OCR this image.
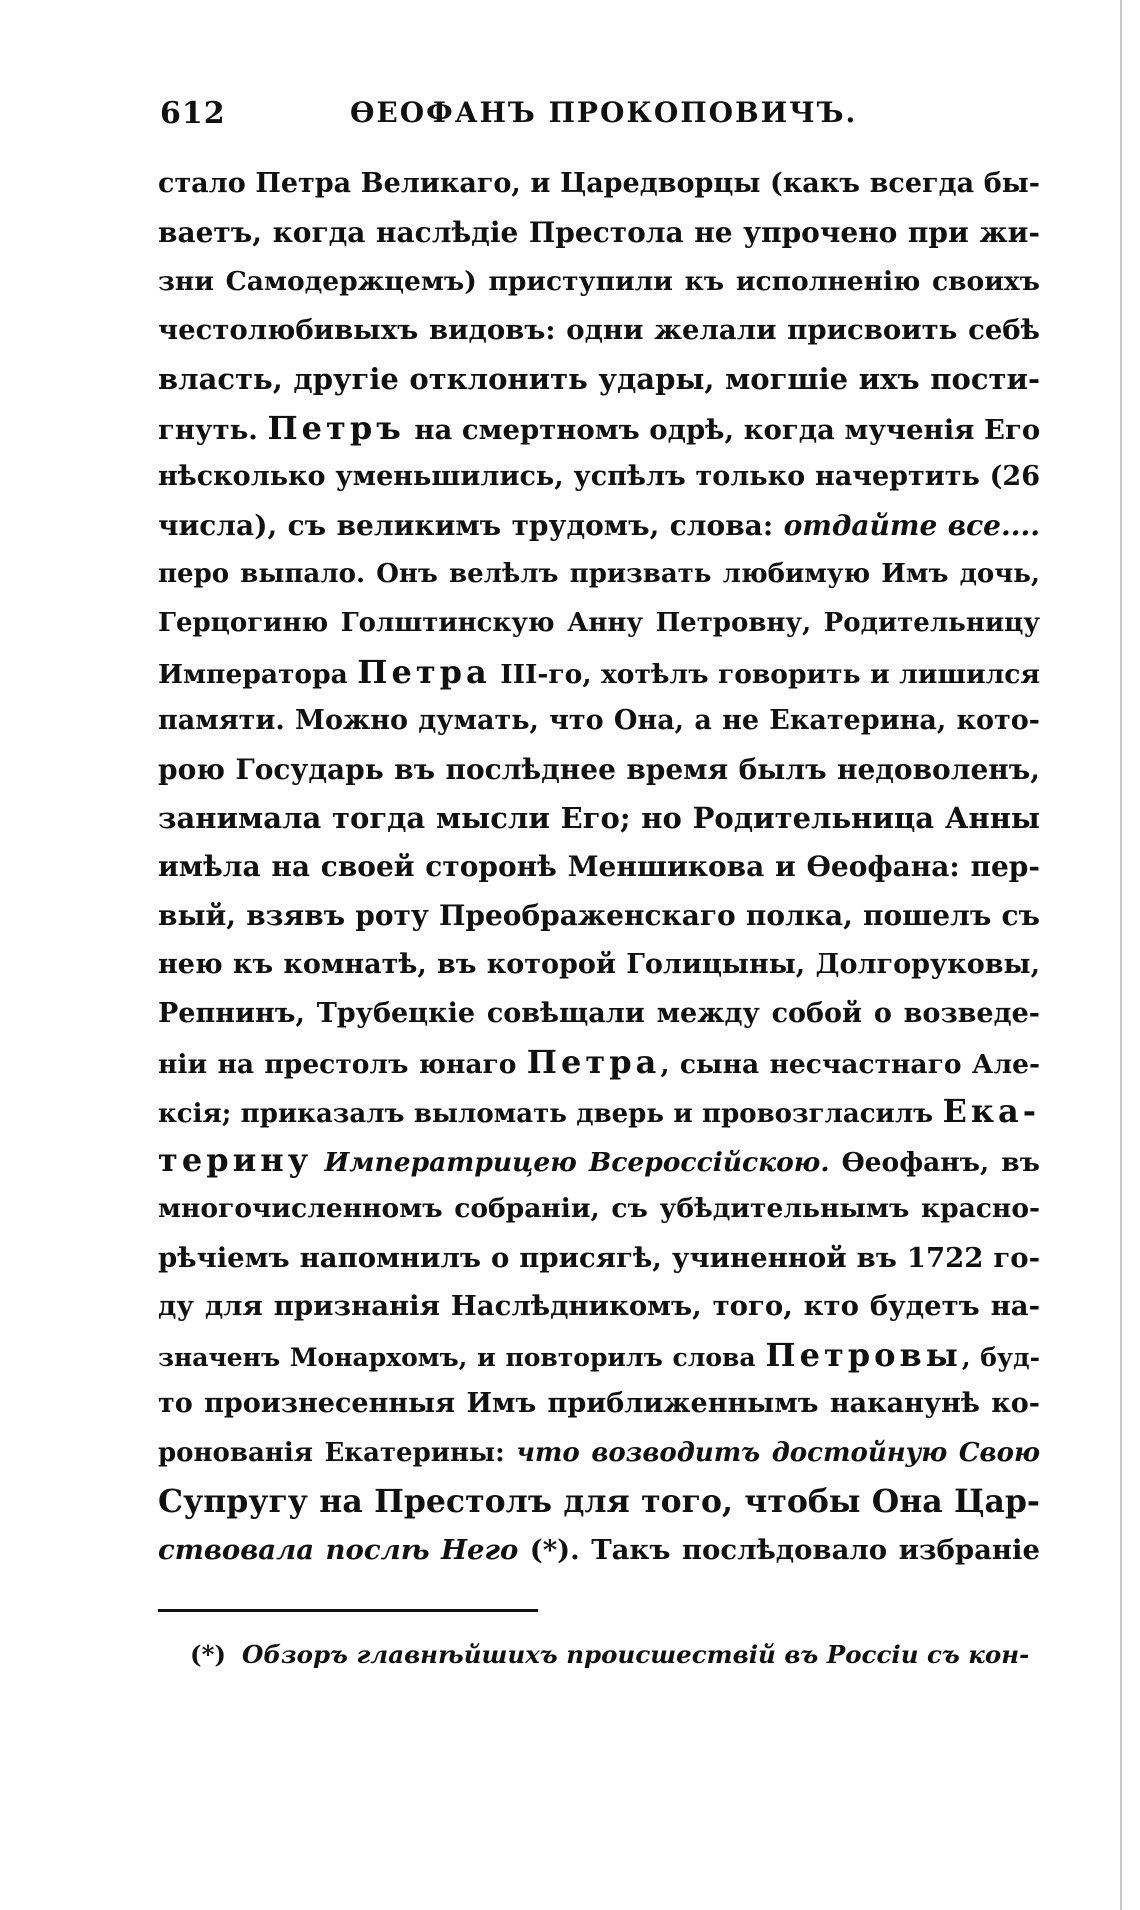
612	ѲЕОФАНЪ ПРОКОПОВИЧЪ.
стало Петра Великаго, и Царедворцы (какъ всегда бы-
ваетъ, когда наслѣдіе Престола не упрочено при жи-
зни Самодержцемъ) приступили къ исполненію своихъ
честолюбивыхъ видовъ: одни желали присвоить себѣ
власть, другіе отклонить удары, могшіе ихъ пости-
гнуть. Петръ на смертномъ одрѣ, когда мученія Его
нѣсколько уменьшились, успѣлъ только начертить (26
числа), съ великимъ трудомъ, слова: отдайте все....
перо выпало. Онъ велѣлъ призвать любимую Имъ дочь,
Герцогиню Голштинскую Анну Петровну, Родительницу
Императора Петра III-го, хотѣлъ говорить и лишился
памяти. Можно думать, что Она, а не Екатерина, кото-
рою Государь въ послѣднее время былъ недоволенъ,
занимала тогда мысли Его; но Родительница Анны
имѣла на своей сторонѣ Меншикова и Ѳеофана: пер-
вый, взявъ роту Преображенскаго полка, пошелъ съ
нею къ комнатѣ, въ которой Голицыны, Долгоруковы,
Репнинъ, Трубецкіе совѣщали между собой о возведе-
ніи на престолъ юнаго Петра, сына несчастнаго Але-
ксія; приказалъ выломать дверь и провозгласилъ Ека-
терину Императрицею Всероссійскою. Ѳеофанъ, въ
многочисленномъ собраніи, съ убѣдительнымъ красно-
рѣчіемъ напомнилъ о присягѣ, учиненной въ 1722 го-
ду для признанія Наслѣдникомъ, того, кто будетъ на-
значенъ Монархомъ, и повторилъ слова Петровы, буд-
то произнесенныя Имъ приближеннымъ наканунѣ ко-
ронованія Екатерины: что возводитъ достойную Свою
Супругу на Престолъ для того, чтобы Она Цар-
ствовала послѣ Него (*). Такъ послѣдовало избраніе
(*) Обзоръ главнѣйшихъ происшествій въ Россіи съ кон-
